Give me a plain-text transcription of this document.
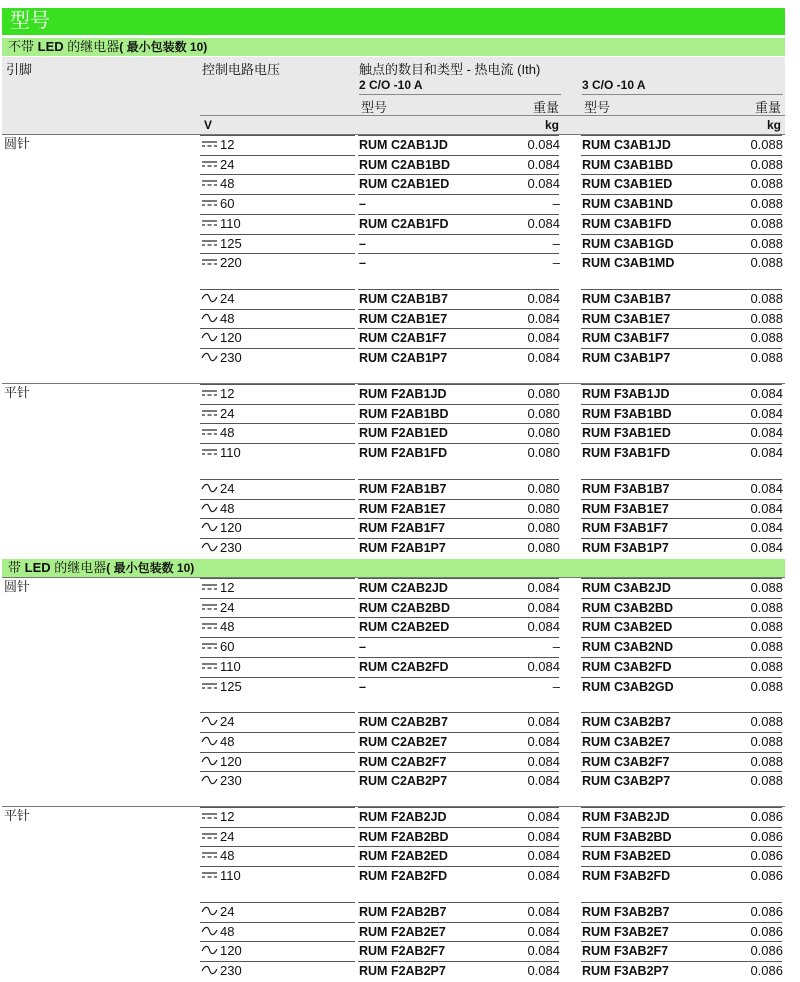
型号
不带 LED 的继电器( 最小包装数 10)
引脚	控制电路电压	触点的数目和类型 - 热电流 (Ith)
2 C/O -10 A	3 C/O -10 A
型号	重量 型号	重量
V	kg	kg
带 LED 的继电器( 最小包装数 10)
圆针	12	RUM C2AB1JD	0.084 RUM C3AB1JD	0.088
24	RUM C2AB1BD	0.084 RUM C3AB1BD	0.088
48	RUM C2AB1ED	0.084 RUM C3AB1ED	0.088
60	–	– RUM C3AB1ND	0.088
110	RUM C2AB1FD	0.084 RUM C3AB1FD	0.088
125	–	– RUM C3AB1GD	0.088
220	–	– RUM C3AB1MD	0.088
24	RUM C2AB1B7	0.084 RUM C3AB1B7	0.088
48	RUM C2AB1E7	0.084 RUM C3AB1E7	0.088
120	RUM C2AB1F7	0.084 RUM C3AB1F7	0.088
230	RUM C2AB1P7	0.084 RUM C3AB1P7	0.088
平针	12	RUM F2AB1JD	0.080 RUM F3AB1JD	0.084
24	RUM F2AB1BD	0.080 RUM F3AB1BD	0.084
48	RUM F2AB1ED	0.080 RUM F3AB1ED	0.084
110	RUM F2AB1FD	0.080 RUM F3AB1FD	0.084
24	RUM F2AB1B7	0.080 RUM F3AB1B7	0.084
48	RUM F2AB1E7	0.080 RUM F3AB1E7	0.084
120	RUM F2AB1F7	0.080 RUM F3AB1F7	0.084
230	RUM F2AB1P7	0.080 RUM F3AB1P7	0.084
圆针	12	RUM C2AB2JD	0.084 RUM C3AB2JD	0.088
24	RUM C2AB2BD	0.084 RUM C3AB2BD	0.088
48	RUM C2AB2ED	0.084 RUM C3AB2ED	0.088
60	–	– RUM C3AB2ND	0.088
110	RUM C2AB2FD	0.084 RUM C3AB2FD	0.088
125	–	– RUM C3AB2GD	0.088
24	RUM C2AB2B7	0.084 RUM C3AB2B7	0.088
48	RUM C2AB2E7	0.084 RUM C3AB2E7	0.088
120	RUM C2AB2F7	0.084 RUM C3AB2F7	0.088
230	RUM C2AB2P7	0.084 RUM C3AB2P7	0.088
平针	12	RUM F2AB2JD	0.084 RUM F3AB2JD	0.086
24	RUM F2AB2BD	0.084 RUM F3AB2BD	0.086
48	RUM F2AB2ED	0.084 RUM F3AB2ED	0.086
110	RUM F2AB2FD	0.084 RUM F3AB2FD	0.086
24	RUM F2AB2B7	0.084 RUM F3AB2B7	0.086
48	RUM F2AB2E7	0.084 RUM F3AB2E7	0.086
120	RUM F2AB2F7	0.084 RUM F3AB2F7	0.086
230	RUM F2AB2P7	0.084 RUM F3AB2P7	0.086
